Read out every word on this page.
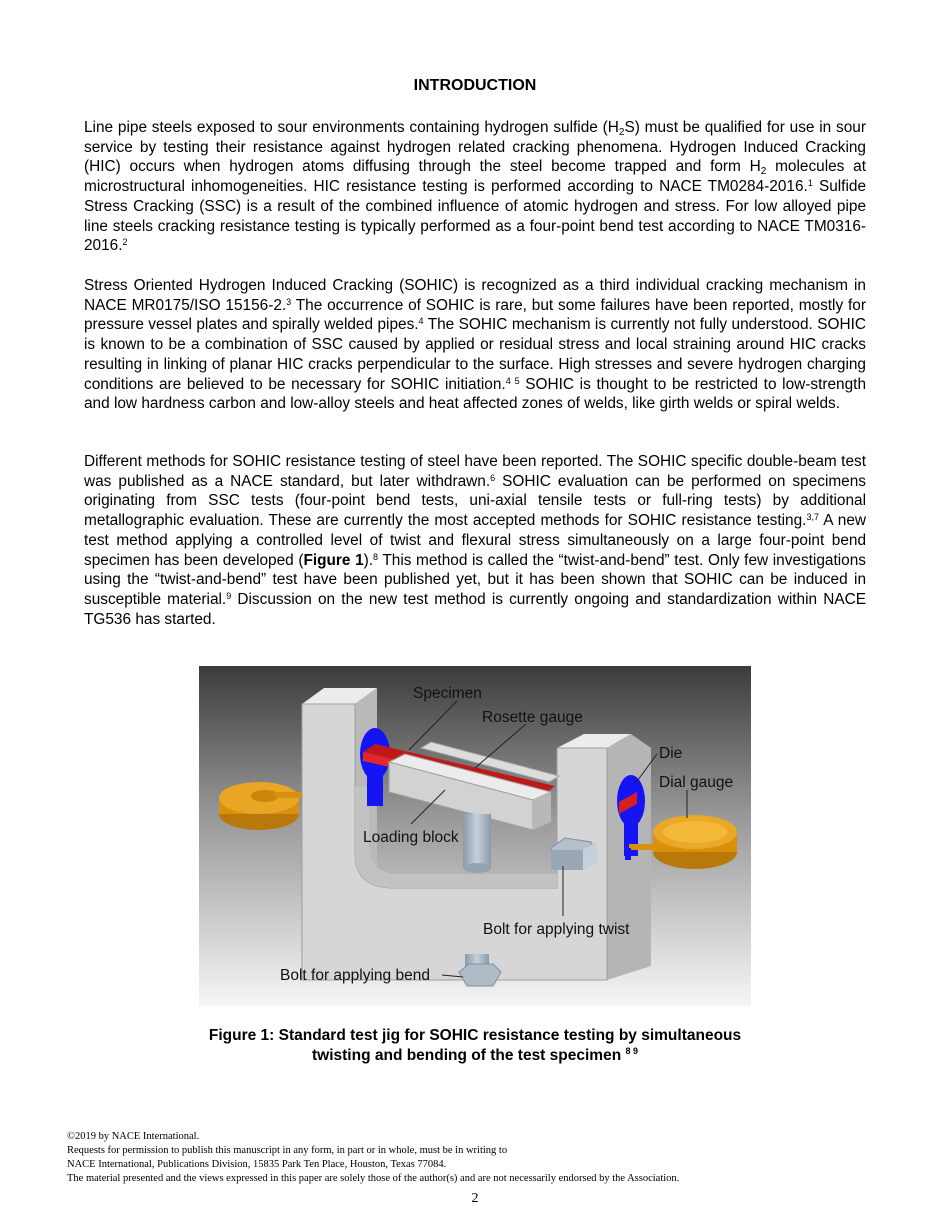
INTRODUCTION

Line pipe steels exposed to sour environments containing hydrogen sulfide $(H_2S)$ must be qualified for use in sour service by testing their resistance against hydrogen related cracking phenomena. Hydrogen Induced Cracking (HIC) occurs when hydrogen atoms diffusing through the steel become trapped and form $H_2$ molecules at microstructural inhomogeneities. HIC resistance testing is performed according to NACE TM0284-2016.$^1$ Sulfide Stress Cracking (SSC) is a result of the combined influence of atomic hydrogen and stress. For low alloyed pipe line steels cracking resistance testing is typically performed as a four-point bend test according to NACE TM0316-2016.$^2$

Stress Oriented Hydrogen Induced Cracking (SOHIC) is recognized as a third individual cracking mechanism in NACE MR0175/ISO 15156-2.$^3$ The occurrence of SOHIC is rare, but some failures have been reported, mostly for pressure vessel plates and spirally welded pipes.$^4$ The SOHIC mechanism is currently not fully understood. SOHIC is known to be a combination of SSC caused by applied or residual stress and local straining around HIC cracks resulting in linking of planar HIC cracks perpendicular to the surface. High stresses and severe hydrogen charging conditions are believed to be necessary for SOHIC initiation.$^{4 5}$ SOHIC is thought to be restricted to low-strength and low hardness carbon and low-alloy steels and heat affected zones of welds, like girth welds or spiral welds.

Different methods for SOHIC resistance testing of steel have been reported. The SOHIC specific double-beam test was published as a NACE standard, but later withdrawn.$^6$ SOHIC evaluation can be performed on specimens originating from SSC tests (four-point bend tests, uni-axial tensile tests or full-ring tests) by additional metallographic evaluation. These are currently the most accepted methods for SOHIC resistance testing.$^{3,7}$ A new test method applying a controlled level of twist and flexural stress simultaneously on a large four-point bend specimen has been developed (Figure 1).$^8$ This method is called the “twist-and-bend” test. Only few investigations using the “twist-and-bend” test have been published yet, but it has been shown that SOHIC can be induced in susceptible material.$^9$ Discussion on the new test method is currently ongoing and standardization within NACE TG536 has started.

Specimen
Rosette gauge
Die
Dial gauge
Loading block
Bolt for applying twist
Bolt for applying bend
Figure 1: Standard test jig for SOHIC resistance testing by simultaneous
twisting and bending of the test specimen $^{8 9}$
©2019 by NACE International.
Requests for permission to publish this manuscript in any form, in part or in whole, must be in writing to
NACE International, Publications Division, 15835 Park Ten Place, Houston, Texas 77084.
The material presented and the views expressed in this paper are solely those of the author(s) and are not necessarily endorsed by the Association.
2
